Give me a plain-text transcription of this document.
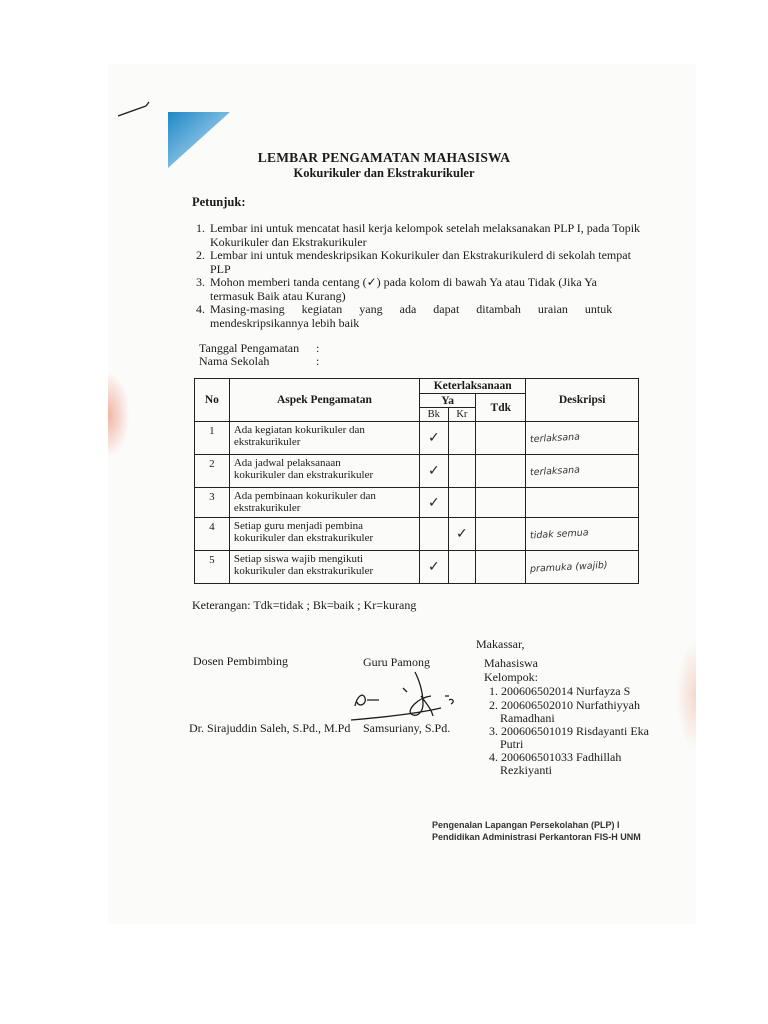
LEMBAR PENGAMATAN MAHASISWA
Kokurikuler dan Ekstrakurikuler
Petunjuk:
1. Lembar ini untuk mencatat hasil kerja kelompok setelah melaksanakan PLP I, pada Topik
Kokurikuler dan Ekstrakurikuler
2. Lembar ini untuk mendeskripsikan Kokurikuler dan Ekstrakurikulerd di sekolah tempat
PLP
3. Mohon memberi tanda centang (✓) pada kolom di bawah Ya atau Tidak (Jika Ya
termasuk Baik atau Kurang)
4. Masing-masing kegiatan yang ada dapat ditambah uraian untuk
mendeskripsikannya lebih baik
Tanggal Pengamatan :
Nama Sekolah	:
No	Aspek Pengamatan	Keterlaksanaan			Deskripsi
		Ya		Tdk	
		Bk	Kr		
1	Ada kegiatan kokurikuler dan
ekstrakurikuler	✓			terlaksana
2	Ada jadwal pelaksanaan
kokurikuler dan ekstrakurikuler	✓			terlaksana
3	Ada pembinaan kokurikuler dan
ekstrakurikuler	✓			
4	Setiap guru menjadi pembina
kokurikuler dan ekstrakurikuler		✓		tidak semua
5	Setiap siswa wajib mengikuti
kokurikuler dan ekstrakurikuler	✓			pramuka (wajib)
Keterangan: Tdk=tidak ; Bk=baik ; Kr=kurang
Makassar,
Dosen Pembimbing	Guru Pamong	Mahasiswa
Kelompok:
1. 200606502014 Nurfayza S
2. 200606502010 Nurfathiyyah
Ramadhani
3. 200606501019 Risdayanti Eka
Putri
4. 200606501033 Fadhillah
Rezkiyanti
Dr. Sirajuddin Saleh, S.Pd., M.Pd Samsuriany, S.Pd.
Pengenalan Lapangan Persekolahan (PLP) I
Pendidikan Administrasi Perkantoran FIS-H UNM
